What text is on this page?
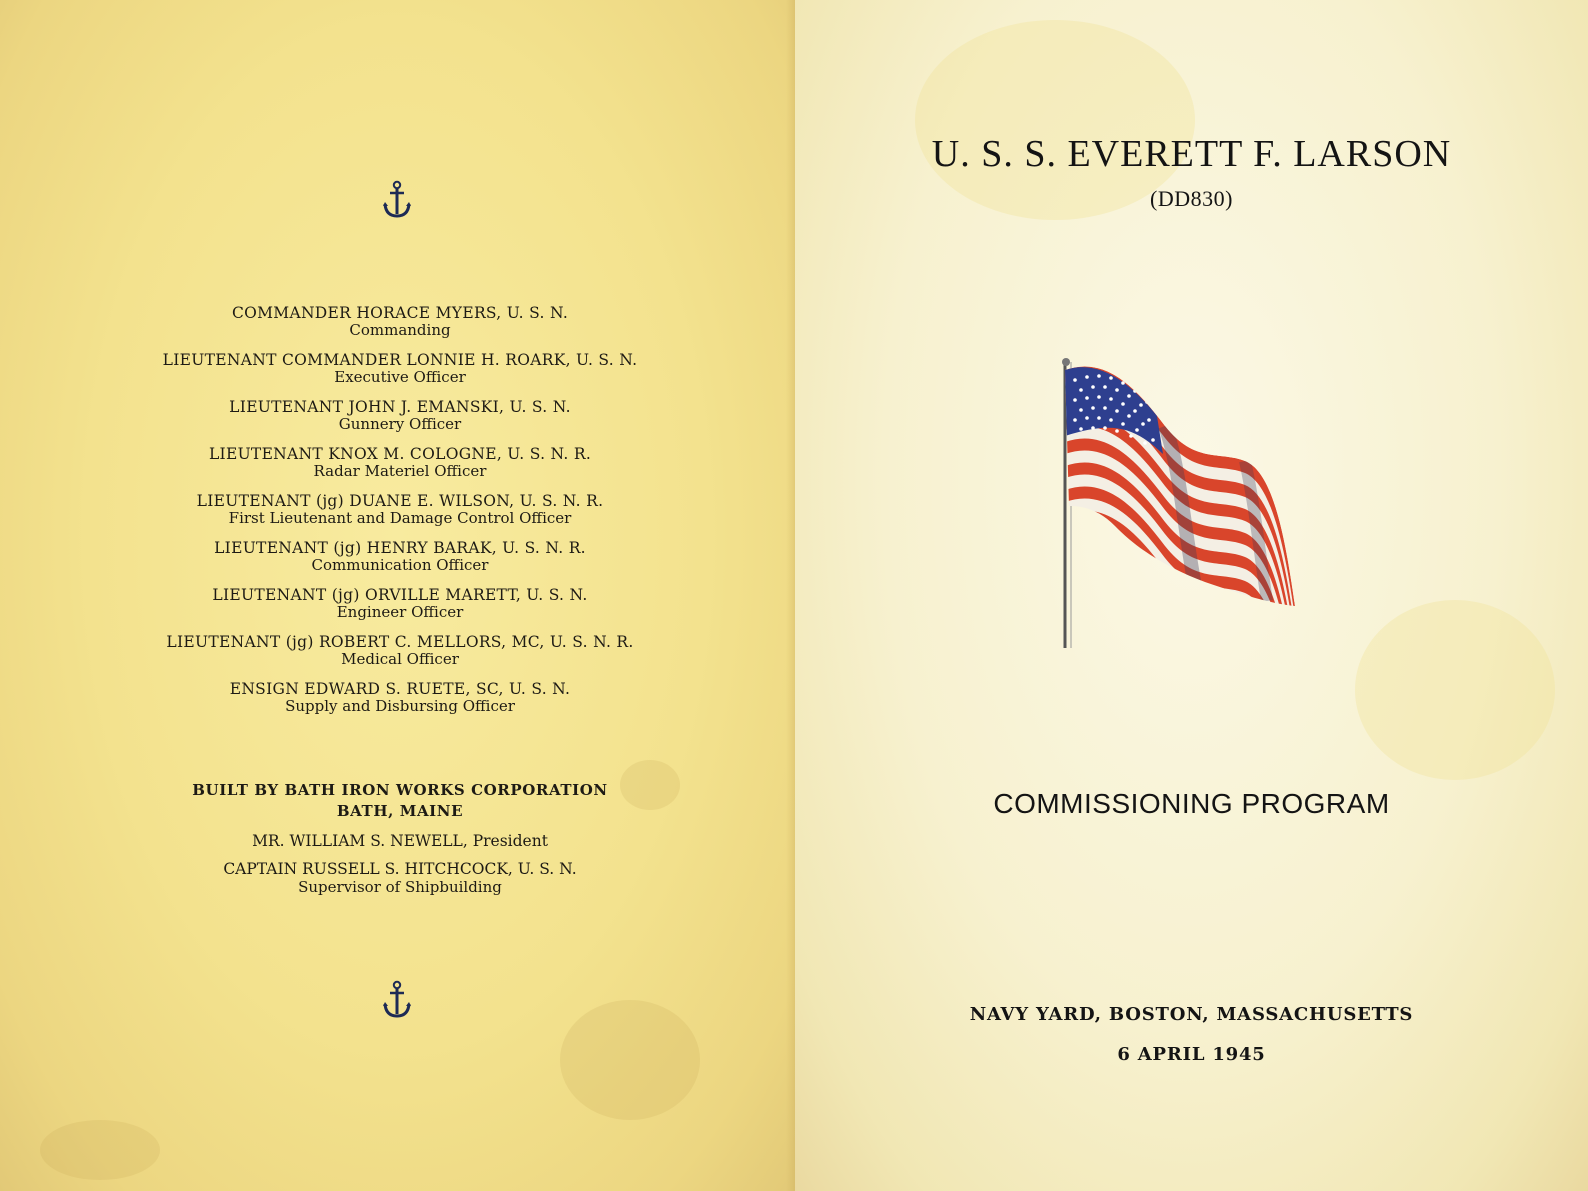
COMMANDER HORACE MYERS, U. S. N.
Commanding
LIEUTENANT COMMANDER LONNIE H. ROARK, U. S. N.
Executive Officer
LIEUTENANT JOHN J. EMANSKI, U. S. N.
Gunnery Officer
LIEUTENANT KNOX M. COLOGNE, U. S. N. R.
Radar Materiel Officer
LIEUTENANT (jg) DUANE E. WILSON, U. S. N. R.
First Lieutenant and Damage Control Officer
LIEUTENANT (jg) HENRY BARAK, U. S. N. R.
Communication Officer
LIEUTENANT (jg) ORVILLE MARETT, U. S. N.
Engineer Officer
LIEUTENANT (jg) ROBERT C. MELLORS, MC, U. S. N. R.
Medical Officer
ENSIGN EDWARD S. RUETE, SC, U. S. N.
Supply and Disbursing Officer
BUILT BY BATH IRON WORKS CORPORATION
BATH, MAINE
MR. WILLIAM S. NEWELL, President
CAPTAIN RUSSELL S. HITCHCOCK, U. S. N.
Supervisor of Shipbuilding
U. S. S. EVERETT F. LARSON
(DD830)
COMMISSIONING PROGRAM
NAVY YARD, BOSTON, MASSACHUSETTS
6 APRIL 1945
